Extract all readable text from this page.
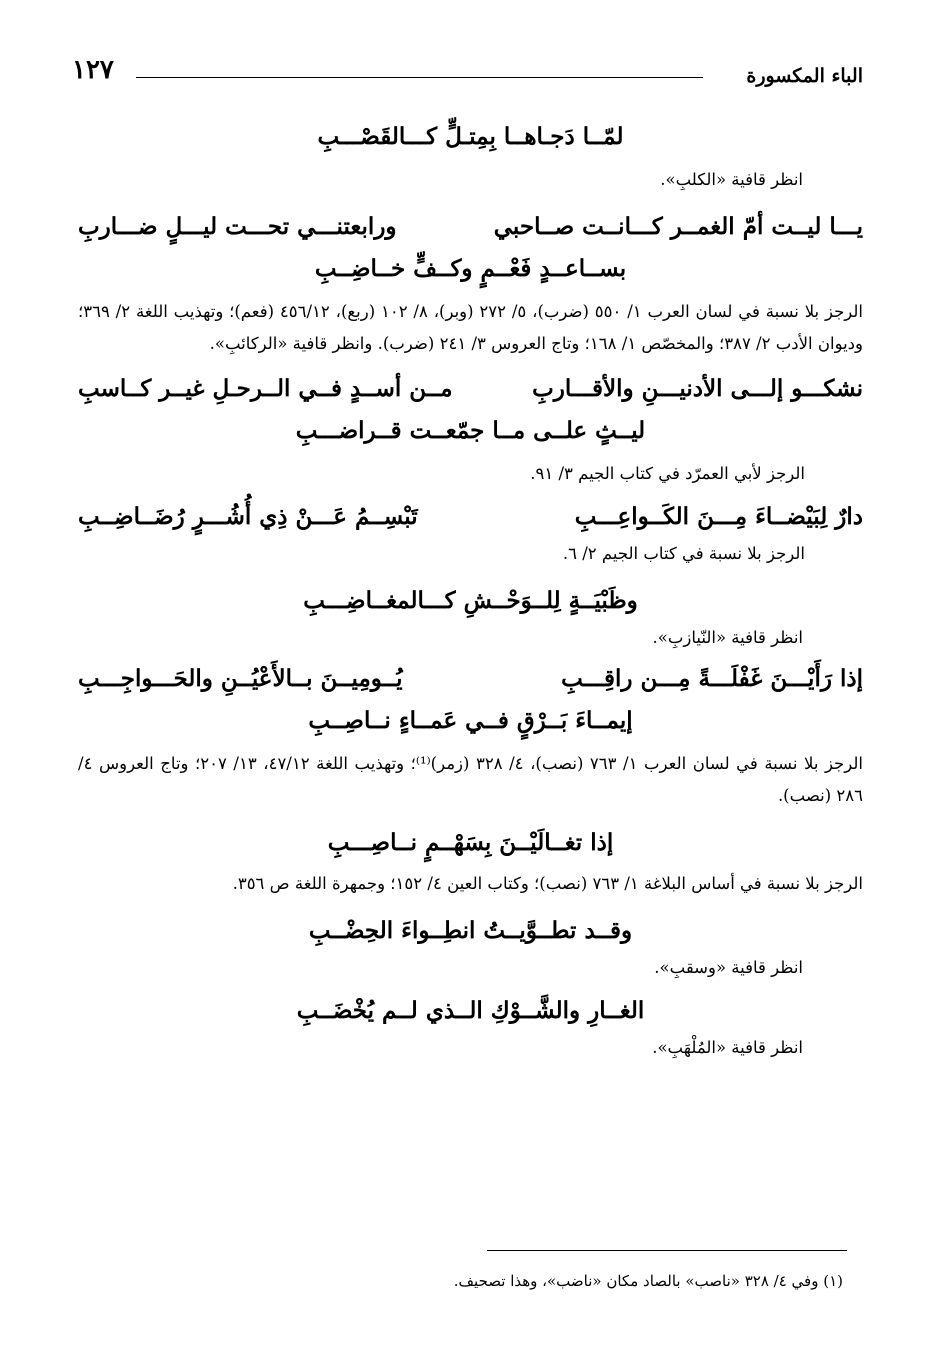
الباء المكسورة
١٢٧
لمّــا دَجـاهــا بِمِتـلٍّ كـــالقَصْـــبِ
انظر قافية «الكلبِ».
يـــا ليــت أمّ الغمــر كـــانــت صــاحبي
ورابعتنـــي تحـــت ليـــلٍ ضـــاربِ
بســاعــدٍ فَعْــمٍ وكــفٍّ خــاضِــبِ
الرجز بلا نسبة في لسان العرب ١/ ٥٥٠ (ضرب)، ٥/ ٢٧٢ (وبر)، ٨/ ١٠٢ (ربع)، ٤٥٦/١٢ (فعم)؛ وتهذيب اللغة ٢/ ٣٦٩؛ وديوان الأدب ٢/ ٣٨٧؛ والمخصّص ١/ ١٦٨؛ وتاج العروس ٣/ ٢٤١ (ضرب). وانظر قافية «الركائبِ».
نشكـــو إلـــى الأدنيـــنِ والأقـــاربِ
مــن أســدٍ فــي الــرحـلِ غيــر كــاسبِ
ليــثٍ علــى مــا جمّعــت قــراضـــبِ
الرجز لأبي العمرّد في كتاب الجيم ٣/ ٩١.
دارٌ لِبَيْضــاءَ مِـــنَ الكَــواعِـــبِ
تَبْسِــمُ عَـــنْ ذِي أُشُـــرٍ رُضَــاضِــبِ
الرجز بلا نسبة في كتاب الجيم ٢/ ٦.
وظَبْيَــةٍ لِلــوَحْــشِ كـــالمغــاضِـــبِ
انظر قافية «النّيازبِ».
إذا رَأَيْـــنَ غَفْلَـــةً مِـــن راقِـــبِ
يُــومِيــنَ بــالأَعْيُــنِ والحَـــواجِـــبِ
إيمــاءَ بَــرْقٍ فــي عَمــاءٍ نــاصِــبِ
الرجز بلا نسبة في لسان العرب ١/ ٧٦٣ (نصب)، ٤/ ٣٢٨ (زمر)⁽¹⁾؛ وتهذيب اللغة ٤٧/١٢، ١٣/ ٢٠٧؛ وتاج العروس ٤/ ٢٨٦ (نصب).
إذا تغــالَيْــنَ بِسَهْــمٍ نــاصِـــبِ
الرجز بلا نسبة في أساس البلاغة ١/ ٧٦٣ (نصب)؛ وكتاب العين ٤/ ١٥٢؛ وجمهرة اللغة ص ٣٥٦.
وقــد تطــوَّيــتُ انطِــواءَ الحِضْــبِ
انظر قافية «وسقبِ».
الغــارِ والشَّــوْكِ الــذي لــم يُخْضَــبِ
انظر قافية «المُلْهَبِ».
(١) وفي ٤/ ٣٢٨ «ناصب» بالصاد مكان «ناضب»، وهذا تصحيف.
